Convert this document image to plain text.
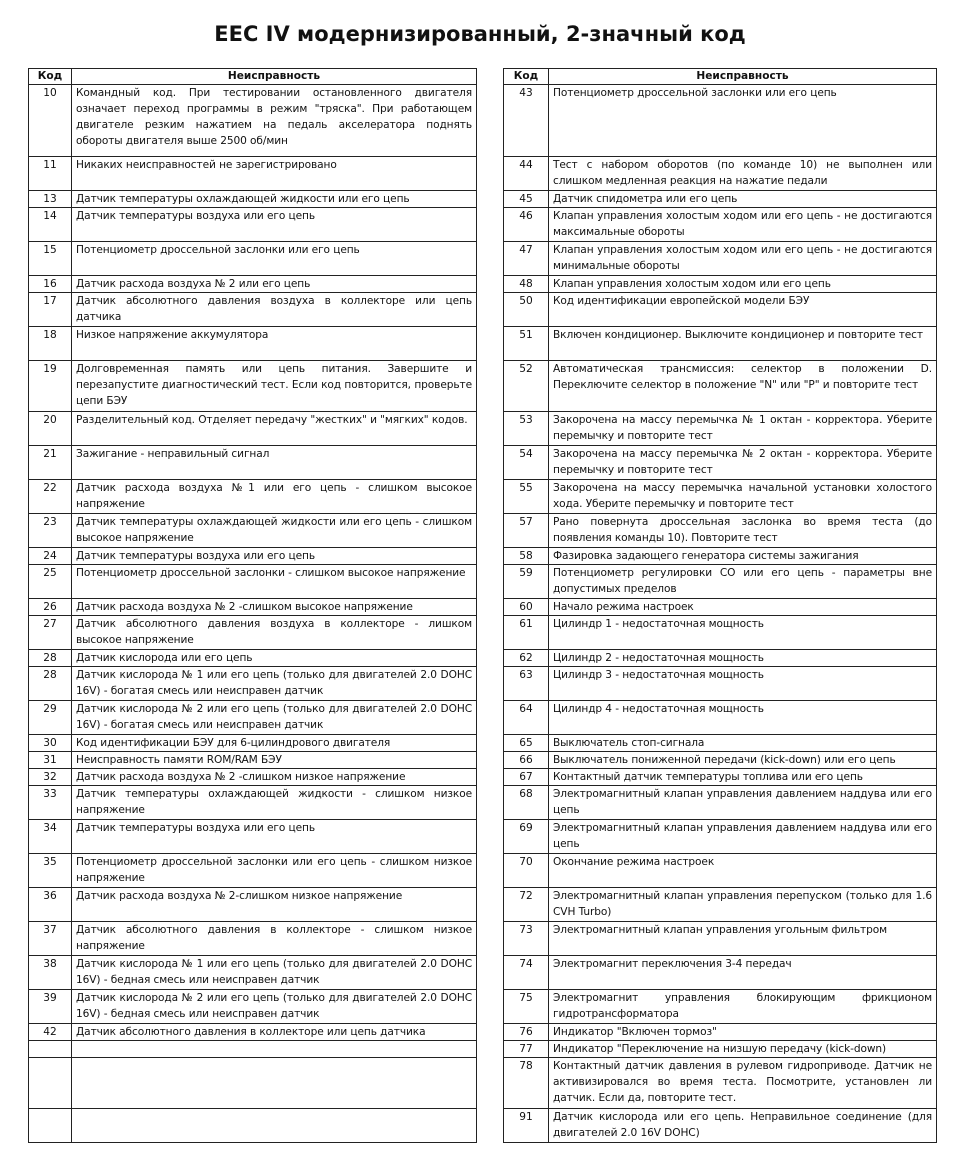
EEC IV модернизированный, 2-значный код
Код	Неисправность
10	Командный код. При тестировании остановленного двигателя означает переход программы в режим "тряска". При работающем двигателе резким нажатием на педаль акселератора поднять обороты двигателя выше 2500 об/мин
11	Никаких неисправностей не зарегистрировано
13	Датчик температуры охлаждающей жидкости или его цепь
14	Датчик температуры воздуха или его цепь
15	Потенциометр дроссельной заслонки или его цепь
16	Датчик расхода воздуха № 2 или его цепь
17	Датчик абсолютного давления воздуха в коллекторе или цепь датчика
18	Низкое напряжение аккумулятора
19	Долговременная память или цепь питания. Завершите и перезапустите диагностический тест. Если код повторится, проверьте цепи БЭУ
20	Разделительный код. Отделяет передачу "жестких" и "мягких" кодов.
21	Зажигание - неправильный сигнал
22	Датчик расхода воздуха №1 или его цепь - слишком высокое напряжение
23	Датчик температуры охлаждающей жидкости или его цепь - слишком высокое напряжение
24	Датчик температуры воздуха или его цепь
25	Потенциометр дроссельной заслонки - слишком высокое напряжение
26	Датчик расхода воздуха № 2 -слишком высокое напряжение
27	Датчик абсолютного давления воздуха в коллекторе - лишком высокое напряжение
28	Датчик кислорода или его цепь
28	Датчик кислорода № 1 или его цепь (только для двигателей 2.0 DOHC 16V) - богатая смесь или неисправен датчик
29	Датчик кислорода № 2 или его цепь (только для двигателей 2.0 DOHC 16V) - богатая смесь или неисправен датчик
30	Код идентификации БЭУ для 6-цилиндрового двигателя
31	Неисправность памяти ROM/RAM БЭУ
32	Датчик расхода воздуха № 2 -слишком низкое напряжение
33	Датчик температуры охлаждающей жидкости - слишком низкое напряжение
34	Датчик температуры воздуха или его цепь
35	Потенциометр дроссельной заслонки или его цепь - слишком низкое напряжение
36	Датчик расхода воздуха № 2-слишком низкое напряжение
37	Датчик абсолютного давления в коллекторе - слишком низкое напряжение
38	Датчик кислорода № 1 или его цепь (только для двигателей 2.0 DOHC 16V) - бедная смесь или неисправен датчик
39	Датчик кислорода № 2 или его цепь (только для двигателей 2.0 DOHC 16V) - бедная смесь или неисправен датчик
42	Датчик абсолютного давления в коллекторе или цепь датчика

Код	Неисправность
43	Потенциометр дроссельной заслонки или его цепь
44	Тест с набором оборотов (по команде 10) не выполнен или слишком медленная реакция на нажатие педали
45	Датчик спидометра или его цепь
46	Клапан управления холостым ходом или его цепь - не достигаются максимальные обороты
47	Клапан управления холостым ходом или его цепь - не достигаются минимальные обороты
48	Клапан управления холостым ходом или его цепь
50	Код идентификации европейской модели БЭУ
51	Включен кондиционер. Выключите кондиционер и повторите тест
52	Автоматическая трансмиссия: селектор в положении D. Переключите селектор в положение "N" или "P" и повторите тест
53	Закорочена на массу перемычка № 1 октан - корректора. Уберите перемычку и повторите тест
54	Закорочена на массу перемычка № 2 октан - корректора. Уберите перемычку и повторите тест
55	Закорочена на массу перемычка начальной установки холостого хода. Уберите перемычку и повторите тест
57	Рано повернута дроссельная заслонка во время теста (до появления команды 10). Повторите тест
58	Фазировка задающего генератора системы зажигания
59	Потенциометр регулировки CO или его цепь - параметры вне допустимых пределов
60	Начало режима настроек
61	Цилиндр 1 - недостаточная мощность
62	Цилиндр 2 - недостаточная мощность
63	Цилиндр 3 - недостаточная мощность
64	Цилиндр 4 - недостаточная мощность
65	Выключатель стоп-сигнала
66	Выключатель пониженной передачи (kick-down) или его цепь
67	Контактный датчик температуры топлива или его цепь
68	Электромагнитный клапан управления давлением наддува или его цепь
69	Электромагнитный клапан управления давлением наддува или его цепь
70	Окончание режима настроек
72	Электромагнитный клапан управления перепуском (только для 1.6 CVH Turbo)
73	Электромагнитный клапан управления угольным фильтром
74	Электромагнит переключения 3-4 передач
75	Электромагнит управления блокирующим фрикционом гидротрансформатора
76	Индикатор "Включен тормоз"
77	Индикатор "Переключение на низшую передачу (kick-down)
78	Контактный датчик давления в рулевом гидроприводе. Датчик не активизировался во время теста. Посмотрите, установлен ли датчик. Если да, повторите тест.
91	Датчик кислорода или его цепь. Неправильное соединение (для двигателей 2.0 16V DOHC)
